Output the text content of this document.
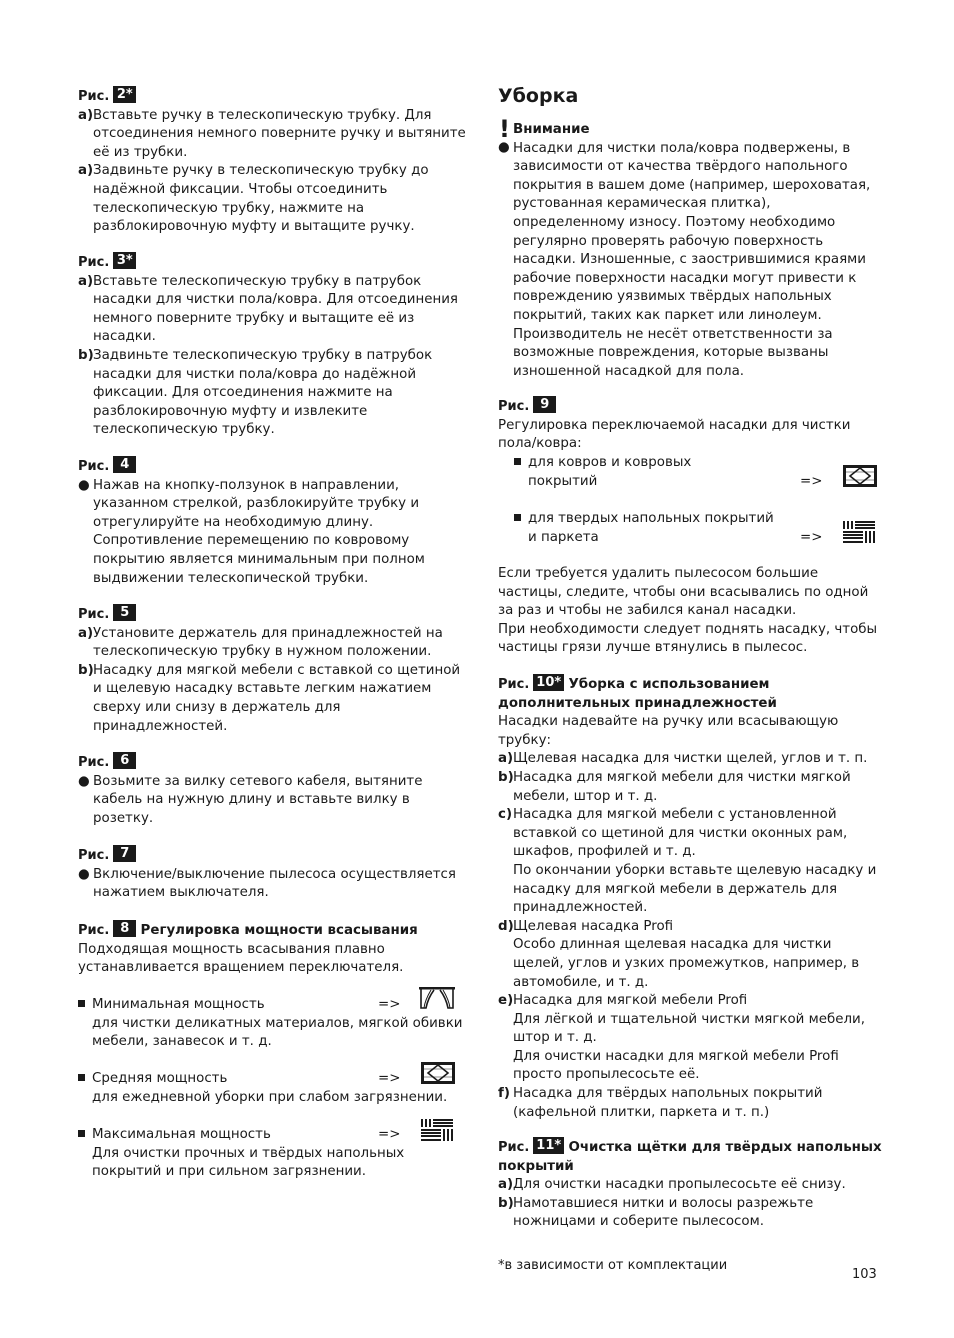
Рис. 2*
a) Вставьте ручку в телескопическую трубку. Для отсоединения немного поверните ручку и вытяните её из трубки.

a) Задвиньте ручку в телескопическую трубку до надёжной фиксации. Чтобы отсоединить телескопическую трубку, нажмите на разблокировочную муфту и вытащите ручку.

Рис. 3*
a) Вставьте телескопическую трубку в патрубок насадки для чистки пола/ковра. Для отсоединения немного поверните трубку и вытащите её из насадки.

b) Задвиньте телескопическую трубку в патрубок насадки для чистки пола/ковра до надёжной фиксации. Для отсоединения нажмите на разблокировочную муфту и извлеките телескопическую трубку.

Рис. 4
● Нажав на кнопку-ползунок в направлении, указанном стрелкой, разблокируйте трубку и отрегулируйте на необходимую длину. Сопротивление перемещению по ковровому покрытию является минимальным при полном выдвижении телескопической трубки.

Рис. 5
a) Установите держатель для принадлежностей на телескопическую трубку в нужном положении.

b) Насадку для мягкой мебели с вставкой со щетиной и щелевую насадку вставьте легким нажатием сверху или снизу в держатель для принадлежностей.

Рис. 6
● Возьмите за вилку сетевого кабеля, вытяните кабель на нужную длину и вставьте вилку в розетку.

Рис. 7
● Включение/выключение пылесоса осуществляется нажатием выключателя.

Рис. 8 Регулировка мощности всасывания

Подходящая мощность всасывания плавно устанавливается вращением переключателя.

Минимальная мощность

для чистки деликатных материалов, мягкой обивки мебели, занавесок и т. д.

=>
Средняя мощность

для ежедневной уборки при слабом загрязнении.

=>
Максимальная мощность

Для очистки прочных и твёрдых напольных покрытий и при сильном загрязнении.

=>
Уборка
! Внимание

● Насадки для чистки пола/ковра подвержены, в зависимости от качества твёрдого напольного покрытия в вашем доме (например, шероховатая, рустованная керамическая плитка), определенному износу. Поэтому необходимо регулярно проверять рабочую поверхность насадки. Изношенные, с заострившимися краями рабочие поверхности насадки могут привести к повреждению уязвимых твёрдых напольных покрытий, таких как паркет или линолеум. Производитель не несёт ответственности за возможные повреждения, которые вызваны изношенной насадкой для пола.

Рис. 9

Регулировка переключаемой насадки для чистки пола/ковра:

для ковров и ковровых
покрытий	=>
для твердых напольных покрытий
и паркета	=>

Если требуется удалить пылесосом большие частицы, следите, чтобы они всасывались по одной за раз и чтобы не забился канал насадки.

При необходимости следует поднять насадку, чтобы частицы грязи лучше втянулись в пылесос.

Рис. 10* Уборка с использованием
дополнительных принадлежностей

Насадки надевайте на ручку или всасывающую трубку:

a) Щелевая насадка для чистки щелей, углов и т. п.

b) Насадка для мягкой мебели для чистки мягкой мебели, штор и т. д.

c) Насадка для мягкой мебели с установленной вставкой со щетиной для чистки оконных рам, шкафов, профилей и т. д.

По окончании уборки вставьте щелевую насадку и насадку для мягкой мебели в держатель для принадлежностей.

d) Щелевая насадка Profi

Особо длинная щелевая насадка для чистки щелей, углов и узких промежутков, например, в автомобиле, и т. д.

e) Насадка для мягкой мебели Profi

Для лёгкой и тщательной чистки мягкой мебели, штор и т. д.

Для очистки насадки для мягкой мебели Profi просто пропылесосьте её.

f) Насадка для твёрдых напольных покрытий (кафельной плитки, паркета и т. п.)

Рис. 11* Очистка щётки для твёрдых напольных
покрытий
a) Для очистки насадки пропылесосьте её снизу.

b) Намотавшиеся нитки и волосы разрежьте ножницами и соберите пылесосом.

*в зависимости от комплектации
103
